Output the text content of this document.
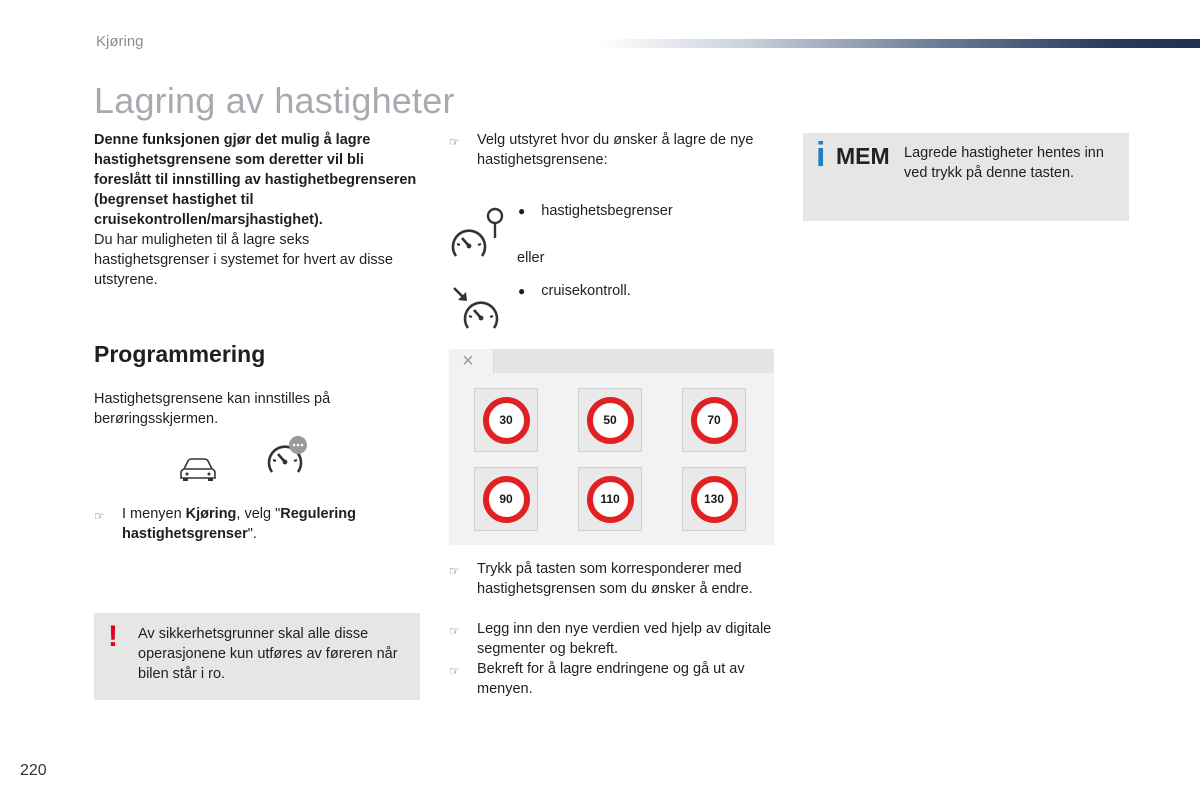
Kjøring
Lagring av hastigheter
Denne funksjonen gjør det mulig å lagre hastighetsgrensene som deretter vil bli foreslått til innstilling av hastighetbegrenseren (begrenset hastighet til cruisekontrollen/marsjhastighet).
Du har muligheten til å lagre seks hastighetsgrenser i systemet for hvert av disse utstyrene.
Programmering
Hastighetsgrensene kan innstilles på berøringsskjermen.
☞	I menyen Kjøring, velg "Regulering hastighetsgrenser".
! Av sikkerhetsgrunner skal alle disse operasjonene kun utføres av føreren når bilen står i ro.
☞	Velg utstyret hvor du ønsker å lagre de nye hastighetsgrensene:
● hastighetsbegrenser
eller
● cruisekontroll.
i MEM Lagrede hastigheter hentes inn ved trykk på denne tasten.
×
30	50	70
90	110	130
☞	Trykk på tasten som korresponderer med hastighetsgrensen som du ønsker å endre.
☞	Legg inn den nye verdien ved hjelp av digitale segmenter og bekreft.
☞	Bekreft for å lagre endringene og gå ut av menyen.
220
